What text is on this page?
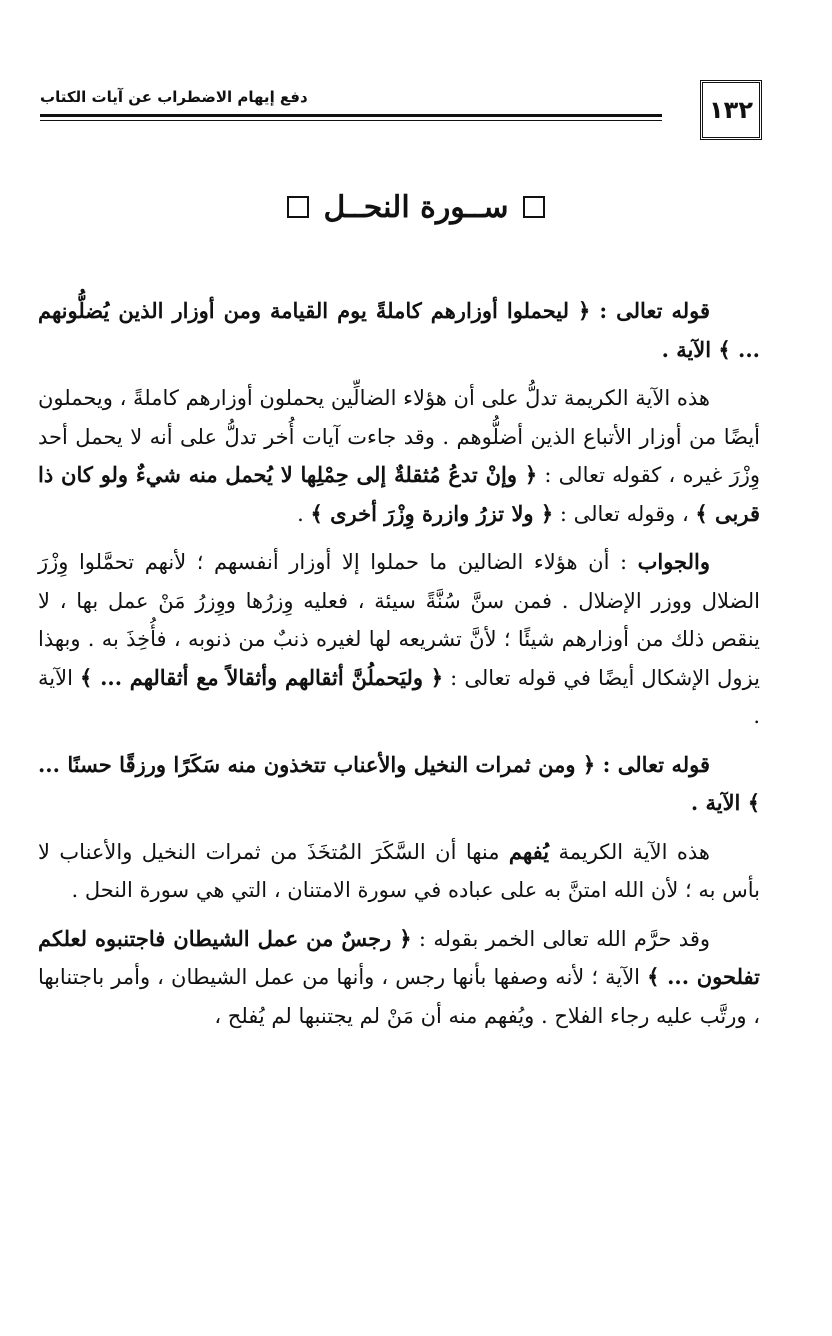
دفع إيهام الاضطراب عن آيات الكتاب	١٣٢
ســورة النحــل

قوله تعالى : ﴿ ليحملوا أوزارهم كاملةً يوم القيامة ومن أوزار الذين يُضلُّونهم ... ﴾ الآية .

هذه الآية الكريمة تدلُّ على أن هؤلاء الضالِّين يحملون أوزارهم كاملةً ، ويحملون أيضًا من أوزار الأتباع الذين أضلُّوهم . وقد جاءت آيات أُخر تدلُّ على أنه لا يحمل أحد وِزْرَ غيره ، كقوله تعالى : ﴿ وإنْ تدعُ مُثقلةٌ إلى حِمْلِها لا يُحمل منه شيءٌ ولو كان ذا قربى ﴾ ، وقوله تعالى : ﴿ ولا تزرُ وازرة وِزْرَ أخرى ﴾ .

والجواب : أن هؤلاء الضالين ما حملوا إلا أوزار أنفسهم ؛ لأنهم تحمَّلوا وِزْرَ الضلال ووزر الإضلال . فمن سنَّ سُنَّةً سيئة ، فعليه وِزرُها ووِزرُ مَنْ عمل بها ، لا ينقص ذلك من أوزارهم شيئًا ؛ لأنَّ تشريعه لها لغيره ذنبٌ من ذنوبه ، فأُخِذَ به . وبهذا يزول الإشكال أيضًا في قوله تعالى : ﴿ وليَحملُنَّ أثقالهم وأثقالاً مع أثقالهم ... ﴾ الآية .

قوله تعالى : ﴿ ومن ثمرات النخيل والأعناب تتخذون منه سَكَرًا ورزقًا حسنًا ... ﴾ الآية .

هذه الآية الكريمة يُفهم منها أن السَّكَرَ المُتخَذَ من ثمرات النخيل والأعناب لا بأس به ؛ لأن الله امتنَّ به على عباده في سورة الامتنان ، التي هي سورة النحل .

وقد حرَّم الله تعالى الخمر بقوله : ﴿ رجسٌ من عمل الشيطان فاجتنبوه لعلكم تفلحون ... ﴾ الآية ؛ لأنه وصفها بأنها رجس ، وأنها من عمل الشيطان ، وأمر باجتنابها ، ورتَّب عليه رجاء الفلاح . ويُفهم منه أن مَنْ لم يجتنبها لم يُفلح ،
